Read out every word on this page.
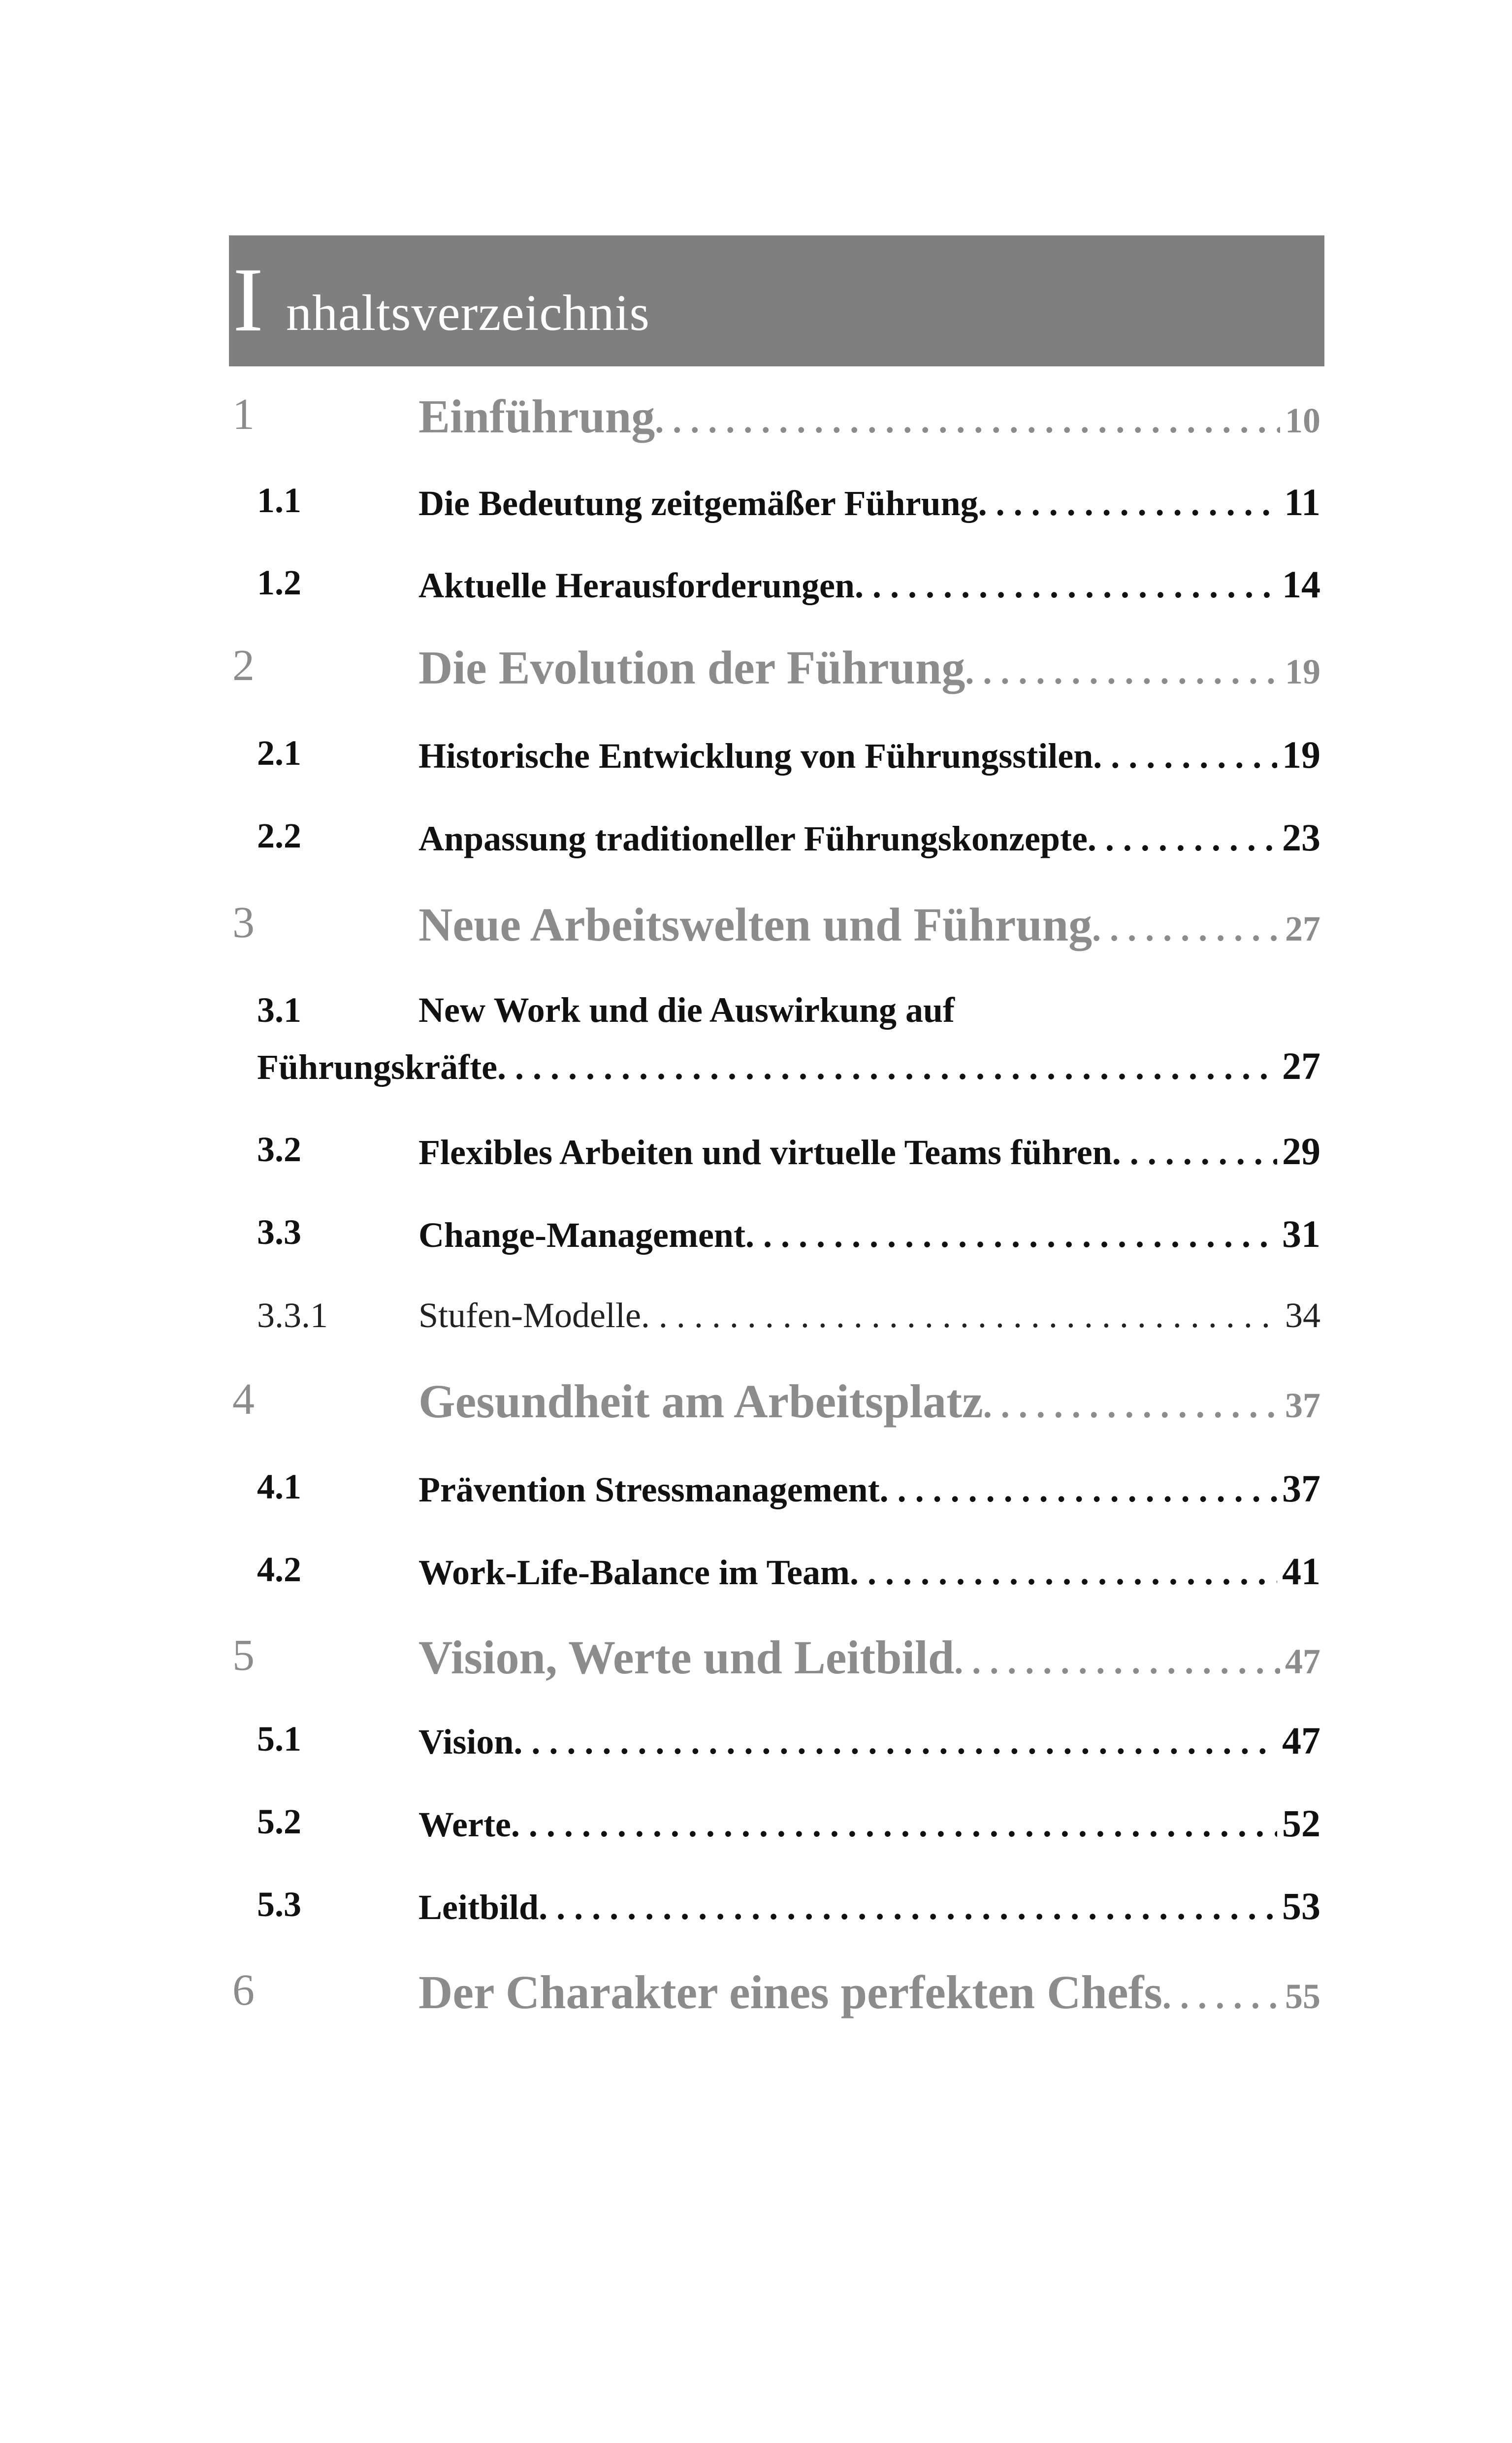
I nhaltsverzeichnis
1	Einführung . . .	10
1.1	Die Bedeutung zeitgemäßer Führung . . .	11
1.2	Aktuelle Herausforderungen . . .	14
2	Die Evolution der Führung . . .	19
2.1	Historische Entwicklung von Führungsstilen . . .	19
2.2	Anpassung traditioneller Führungskonzepte . . .	23
3	Neue Arbeitswelten und Führung . . .	27
3.1	New Work und die Auswirkung auf
Führungskräfte . . .	27
3.2	Flexibles Arbeiten und virtuelle Teams führen . . .	29
3.3	Change-Management . . .	31
3.3.1	Stufen-Modelle . . .	34
4	Gesundheit am Arbeitsplatz . . .	37
4.1	Prävention Stressmanagement . . .	37
4.2	Work-Life-Balance im Team . . .	41
5	Vision, Werte und Leitbild . . .	47
5.1	Vision . . .	47
5.2	Werte . . .	52
5.3	Leitbild . . .	53
6	Der Charakter eines perfekten Chefs . . .	55
